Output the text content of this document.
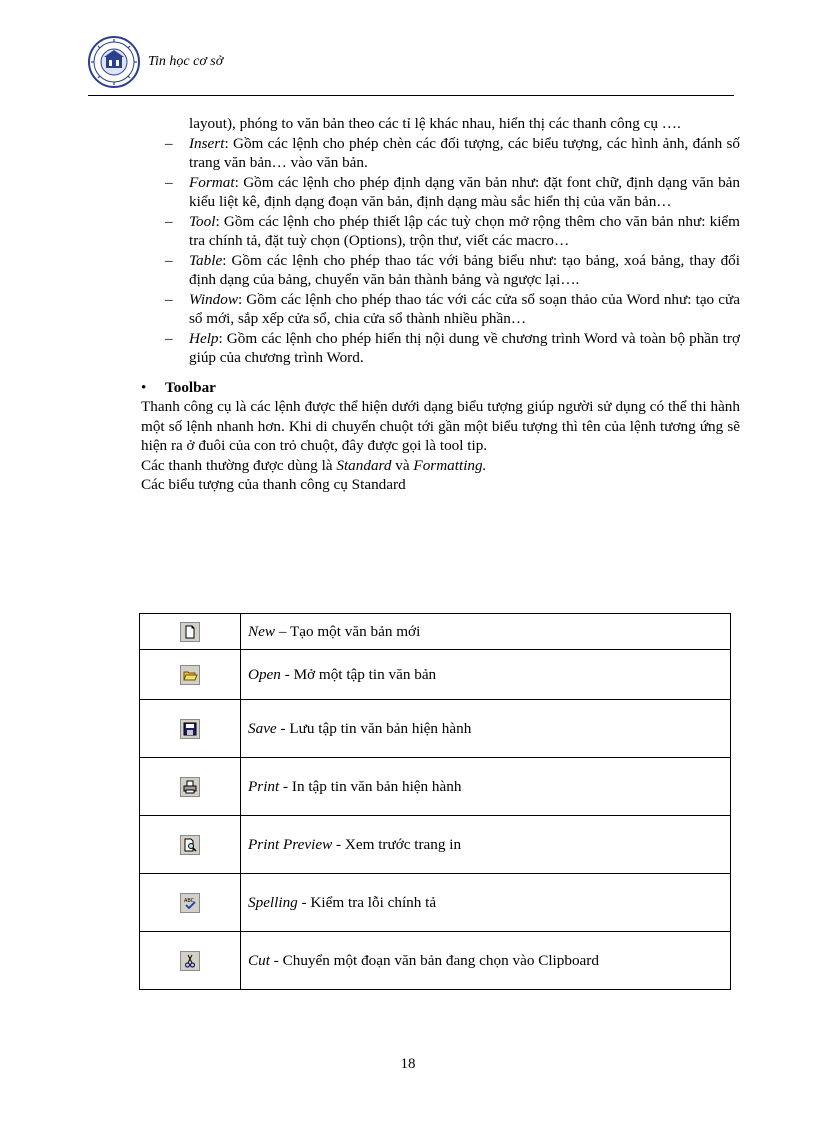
Tin học cơ sở

layout), phóng to văn bản theo các tỉ lệ khác nhau, hiển thị các thanh công cụ ….

– Insert: Gồm các lệnh cho phép chèn các đối tượng, các biểu tượng, các hình ảnh, đánh số trang văn bản… vào văn bản.

– Format: Gồm các lệnh cho phép định dạng văn bản như: đặt font chữ, định dạng văn bản kiểu liệt kê, định dạng đoạn văn bản, định dạng màu sắc hiển thị của văn bản…

– Tool: Gồm các lệnh cho phép thiết lập các tuỳ chọn mở rộng thêm cho văn bản như: kiểm tra chính tả, đặt tuỳ chọn (Options), trộn thư, viết các macro…

– Table: Gồm các lệnh cho phép thao tác với bảng biểu như: tạo bảng, xoá bảng, thay đổi định dạng của bảng, chuyển văn bản thành bảng và ngược lại….

– Window: Gồm các lệnh cho phép thao tác với các cửa sổ soạn thảo của Word như: tạo cửa sổ mới, sắp xếp cửa sổ, chia cửa sổ thành nhiều phần…

– Help: Gồm các lệnh cho phép hiển thị nội dung về chương trình Word và toàn bộ phần trợ giúp của chương trình Word.

• Toolbar

Thanh công cụ là các lệnh được thể hiện dưới dạng biểu tượng giúp người sử dụng có thể thi hành một số lệnh nhanh hơn. Khi di chuyển chuột tới gần một biểu tượng thì tên của lệnh tương ứng sẽ hiện ra ở đuôi của con trỏ chuột, đây được gọi là tool tip.

Các thanh thường được dùng là Standard và Formatting.

Các biểu tượng của thanh công cụ Standard

	New – Tạo một văn bản mới

	Open - Mở một tập tin văn bản

	Save - Lưu tập tin văn bản hiện hành

	Print - In tập tin văn bản hiện hành

	Print Preview - Xem trước trang in

ABC	Spelling - Kiểm tra lỗi chính tả

	Cut - Chuyển một đoạn văn bản đang chọn vào Clipboard
18
